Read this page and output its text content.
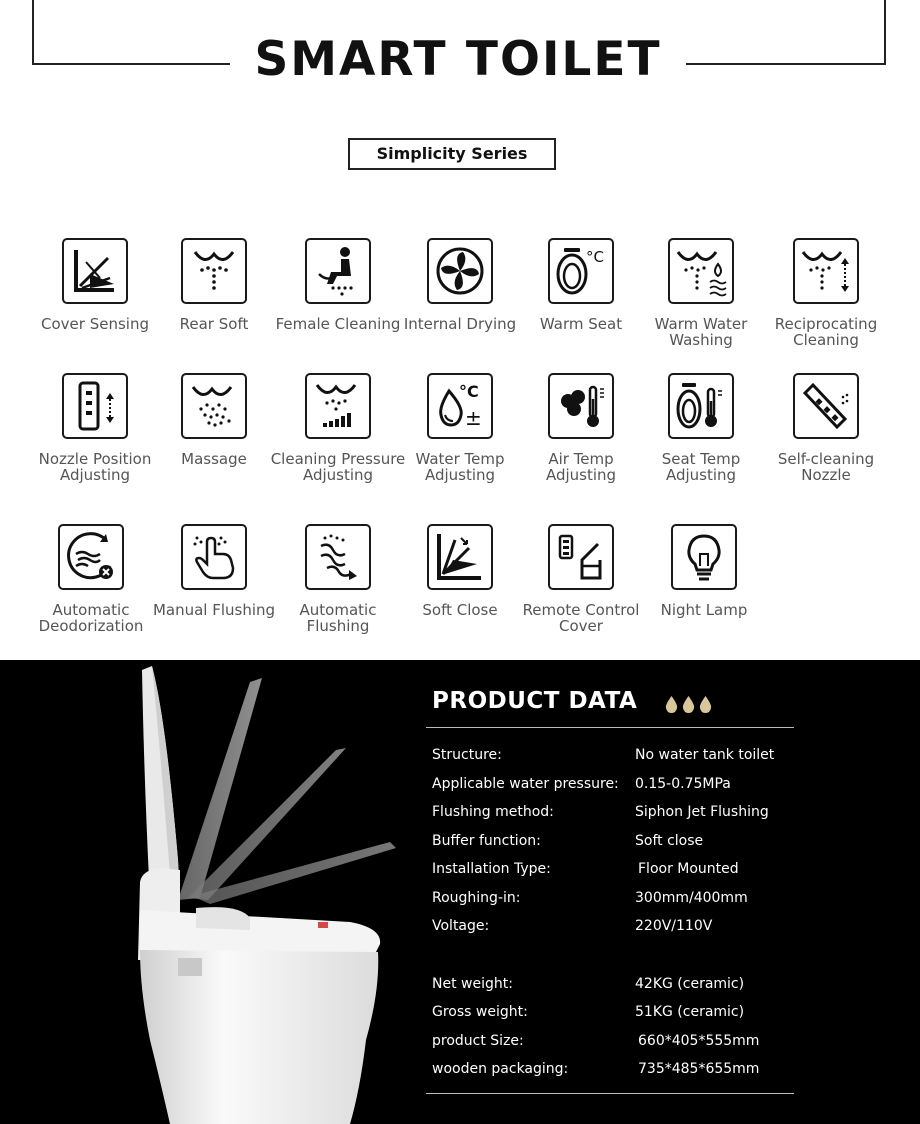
SMART TOILET
Simplicity Series
Cover Sensing	Rear Soft	Female Cleaning Internal Drying
°C
Warm Seat	Warm Water
Washing
Reciprocating
Cleaning
Nozzle Position
Adjusting
Massage	Cleaning Pressure
Adjusting
°C
±
Water Temp
Adjusting
Air Temp
Adjusting
Seat Temp
Adjusting
Self-cleaning
Nozzle
Automatic
Deodorization
Manual Flushing	Automatic
Flushing
Soft Close	Remote Control
Cover
Night Lamp
PRODUCT DATA
Structure:	No water tank toilet
Applicable water pressure: 0.15-0.75MPa
Flushing method:	Siphon Jet Flushing
Buffer function:	Soft close
Installation Type:	Floor Mounted
Roughing-in:	300mm/400mm
Voltage:	220V/110V
Net weight:	42KG (ceramic)
Gross weight:	51KG (ceramic)
product Size:	660*405*555mm
wooden packaging:	735*485*655mm
